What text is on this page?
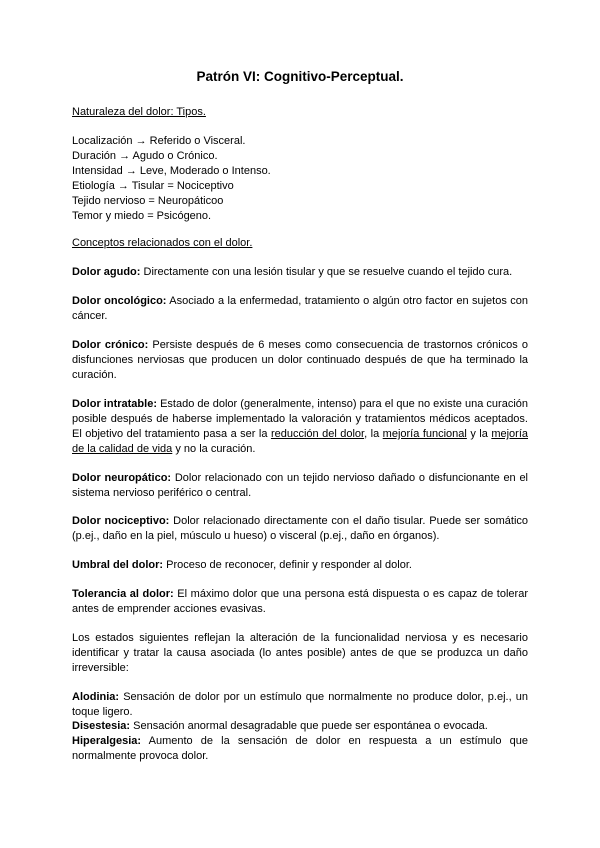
Patrón VI: Cognitivo-Perceptual.
Naturaleza del dolor: Tipos.
Localización → Referido o Visceral.
Duración → Agudo o Crónico.
Intensidad → Leve, Moderado o Intenso.
Etiología → Tisular = Nociceptivo
Tejido nervioso = Neuropáticoo
Temor y miedo = Psicógeno.
Conceptos relacionados con el dolor.
Dolor agudo: Directamente con una lesión tisular y que se resuelve cuando el tejido cura.
Dolor oncológico: Asociado a la enfermedad, tratamiento o algún otro factor en sujetos con cáncer.
Dolor crónico: Persiste después de 6 meses como consecuencia de trastornos crónicos o disfunciones nerviosas que producen un dolor continuado después de que ha terminado la curación.
Dolor intratable: Estado de dolor (generalmente, intenso) para el que no existe una curación posible después de haberse implementado la valoración y tratamientos médicos aceptados. El objetivo del tratamiento pasa a ser la reducción del dolor, la mejoría funcional y la mejoría de la calidad de vida y no la curación.
Dolor neuropático: Dolor relacionado con un tejido nervioso dañado o disfuncionante en el sistema nervioso periférico o central.
Dolor nociceptivo: Dolor relacionado directamente con el daño tisular. Puede ser somático (p.ej., daño en la piel, músculo u hueso) o visceral (p.ej., daño en órganos).
Umbral del dolor: Proceso de reconocer, definir y responder al dolor.
Tolerancia al dolor: El máximo dolor que una persona está dispuesta o es capaz de tolerar antes de emprender acciones evasivas.
Los estados siguientes reflejan la alteración de la funcionalidad nerviosa y es necesario identificar y tratar la causa asociada (lo antes posible) antes de que se produzca un daño irreversible:
Alodinia: Sensación de dolor por un estímulo que normalmente no produce dolor, p.ej., un toque ligero.
Disestesia: Sensación anormal desagradable que puede ser espontánea o evocada.
Hiperalgesia: Aumento de la sensación de dolor en respuesta a un estímulo que normalmente provoca dolor.
